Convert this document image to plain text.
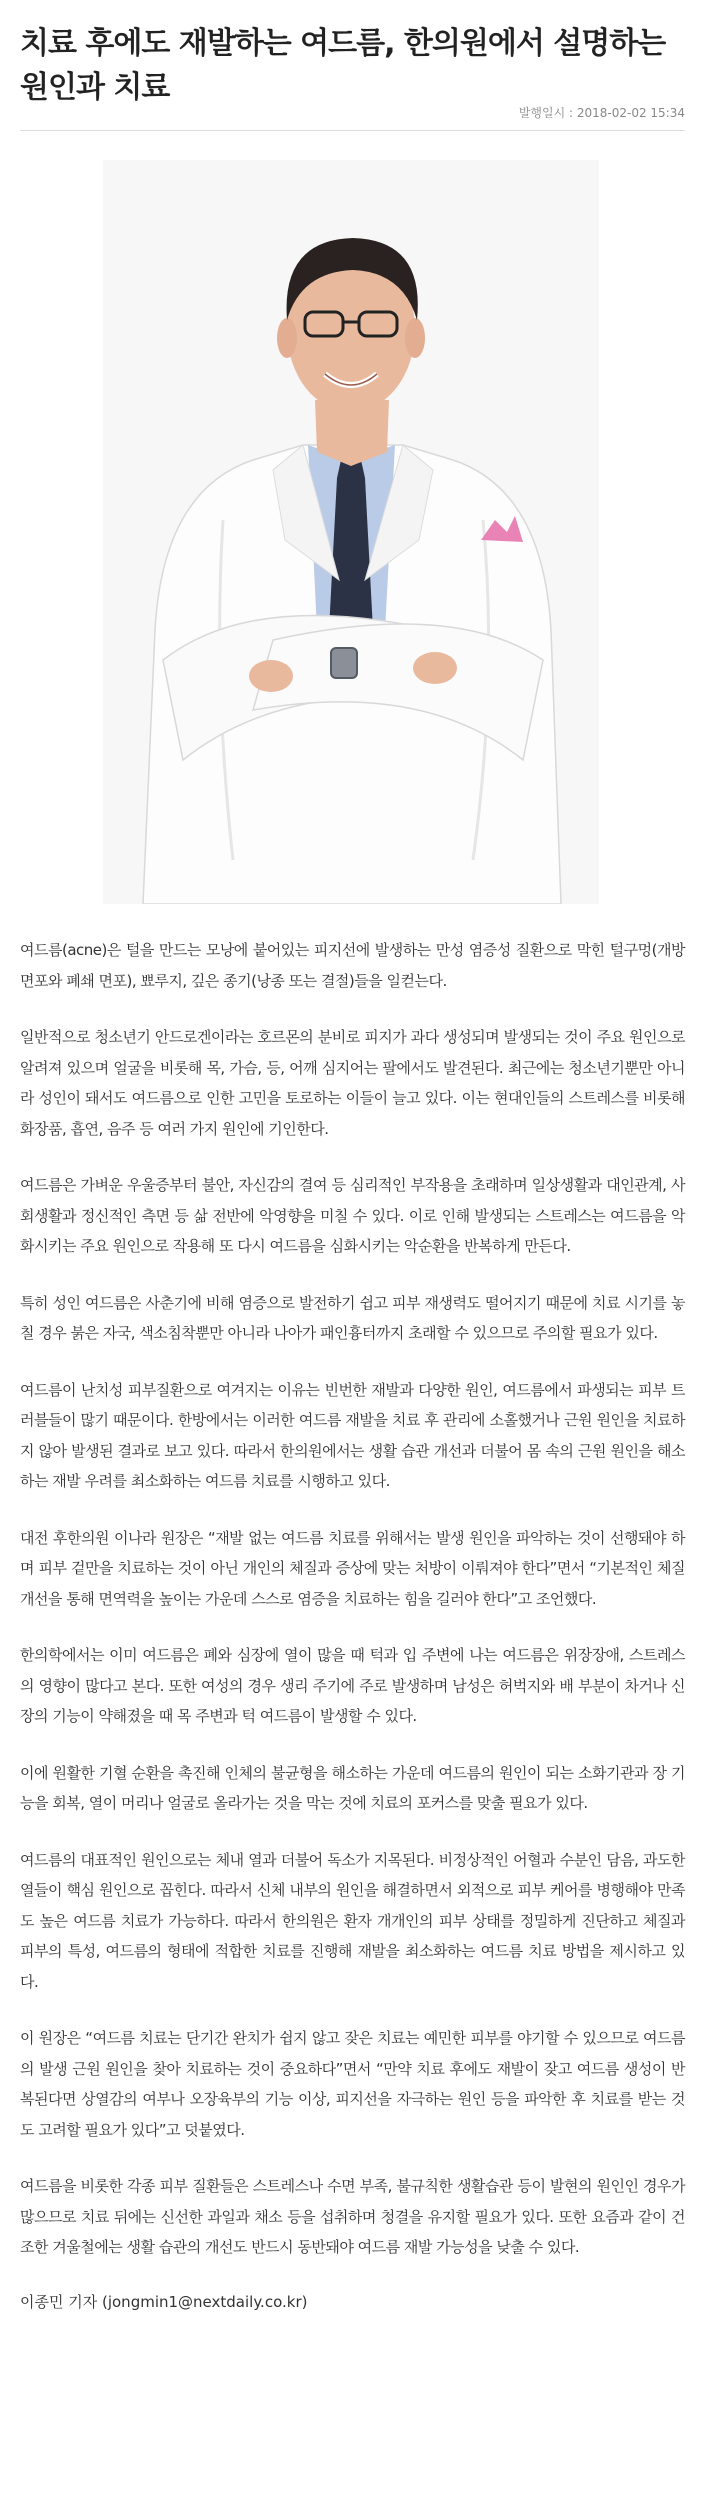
치료 후에도 재발하는 여드름, 한의원에서 설명하는 원인과 치료
발행일시 : 2018-02-02 15:34

여드름(acne)은 털을 만드는 모낭에 붙어있는 피지선에 발생하는 만성 염증성 질환으로 막힌 털구멍(개방 면포와 폐쇄 면포), 뾰루지, 깊은 종기(낭종 또는 결절)들을 일컫는다.

일반적으로 청소년기 안드로겐이라는 호르몬의 분비로 피지가 과다 생성되며 발생되는 것이 주요 원인으로 알려져 있으며 얼굴을 비롯해 목, 가슴, 등, 어깨 심지어는 팔에서도 발견된다. 최근에는 청소년기뿐만 아니라 성인이 돼서도 여드름으로 인한 고민을 토로하는 이들이 늘고 있다. 이는 현대인들의 스트레스를 비롯해 화장품, 흡연, 음주 등 여러 가지 원인에 기인한다.

여드름은 가벼운 우울증부터 불안, 자신감의 결여 등 심리적인 부작용을 초래하며 일상생활과 대인관계, 사회생활과 정신적인 측면 등 삶 전반에 악영향을 미칠 수 있다. 이로 인해 발생되는 스트레스는 여드름을 악화시키는 주요 원인으로 작용해 또 다시 여드름을 심화시키는 악순환을 반복하게 만든다.

특히 성인 여드름은 사춘기에 비해 염증으로 발전하기 쉽고 피부 재생력도 떨어지기 때문에 치료 시기를 놓칠 경우 붉은 자국, 색소침착뿐만 아니라 나아가 패인흉터까지 초래할 수 있으므로 주의할 필요가 있다.

여드름이 난치성 피부질환으로 여겨지는 이유는 빈번한 재발과 다양한 원인, 여드름에서 파생되는 피부 트러블들이 많기 때문이다. 한방에서는 이러한 여드름 재발을 치료 후 관리에 소홀했거나 근원 원인을 치료하지 않아 발생된 결과로 보고 있다. 따라서 한의원에서는 생활 습관 개선과 더불어 몸 속의 근원 원인을 해소하는 재발 우려를 최소화하는 여드름 치료를 시행하고 있다.

대전 후한의원 이나라 원장은 “재발 없는 여드름 치료를 위해서는 발생 원인을 파악하는 것이 선행돼야 하며 피부 겉만을 치료하는 것이 아닌 개인의 체질과 증상에 맞는 처방이 이뤄져야 한다”면서 “기본적인 체질 개선을 통해 면역력을 높이는 가운데 스스로 염증을 치료하는 힘을 길러야 한다”고 조언했다.

한의학에서는 이미 여드름은 폐와 심장에 열이 많을 때 턱과 입 주변에 나는 여드름은 위장장애, 스트레스의 영향이 많다고 본다. 또한 여성의 경우 생리 주기에 주로 발생하며 남성은 허벅지와 배 부분이 차거나 신장의 기능이 약해졌을 때 목 주변과 턱 여드름이 발생할 수 있다.

이에 원활한 기혈 순환을 촉진해 인체의 불균형을 해소하는 가운데 여드름의 원인이 되는 소화기관과 장 기능을 회복, 열이 머리나 얼굴로 올라가는 것을 막는 것에 치료의 포커스를 맞출 필요가 있다.

여드름의 대표적인 원인으로는 체내 열과 더불어 독소가 지목된다. 비정상적인 어혈과 수분인 담음, 과도한 열들이 핵심 원인으로 꼽힌다. 따라서 신체 내부의 원인을 해결하면서 외적으로 피부 케어를 병행해야 만족도 높은 여드름 치료가 가능하다. 따라서 한의원은 환자 개개인의 피부 상태를 정밀하게 진단하고 체질과 피부의 특성, 여드름의 형태에 적합한 치료를 진행해 재발을 최소화하는 여드름 치료 방법을 제시하고 있다.

이 원장은 “여드름 치료는 단기간 완치가 쉽지 않고 잦은 치료는 예민한 피부를 야기할 수 있으므로 여드름의 발생 근원 원인을 찾아 치료하는 것이 중요하다”면서 “만약 치료 후에도 재발이 잦고 여드름 생성이 반복된다면 상열감의 여부나 오장육부의 기능 이상, 피지선을 자극하는 원인 등을 파악한 후 치료를 받는 것도 고려할 필요가 있다”고 덧붙였다.

여드름을 비롯한 각종 피부 질환들은 스트레스나 수면 부족, 불규칙한 생활습관 등이 발현의 원인인 경우가 많으므로 치료 뒤에는 신선한 과일과 채소 등을 섭취하며 청결을 유지할 필요가 있다. 또한 요즘과 같이 건조한 겨울철에는 생활 습관의 개선도 반드시 동반돼야 여드름 재발 가능성을 낮출 수 있다.

이종민 기자 (jongmin1@nextdaily.co.kr)
